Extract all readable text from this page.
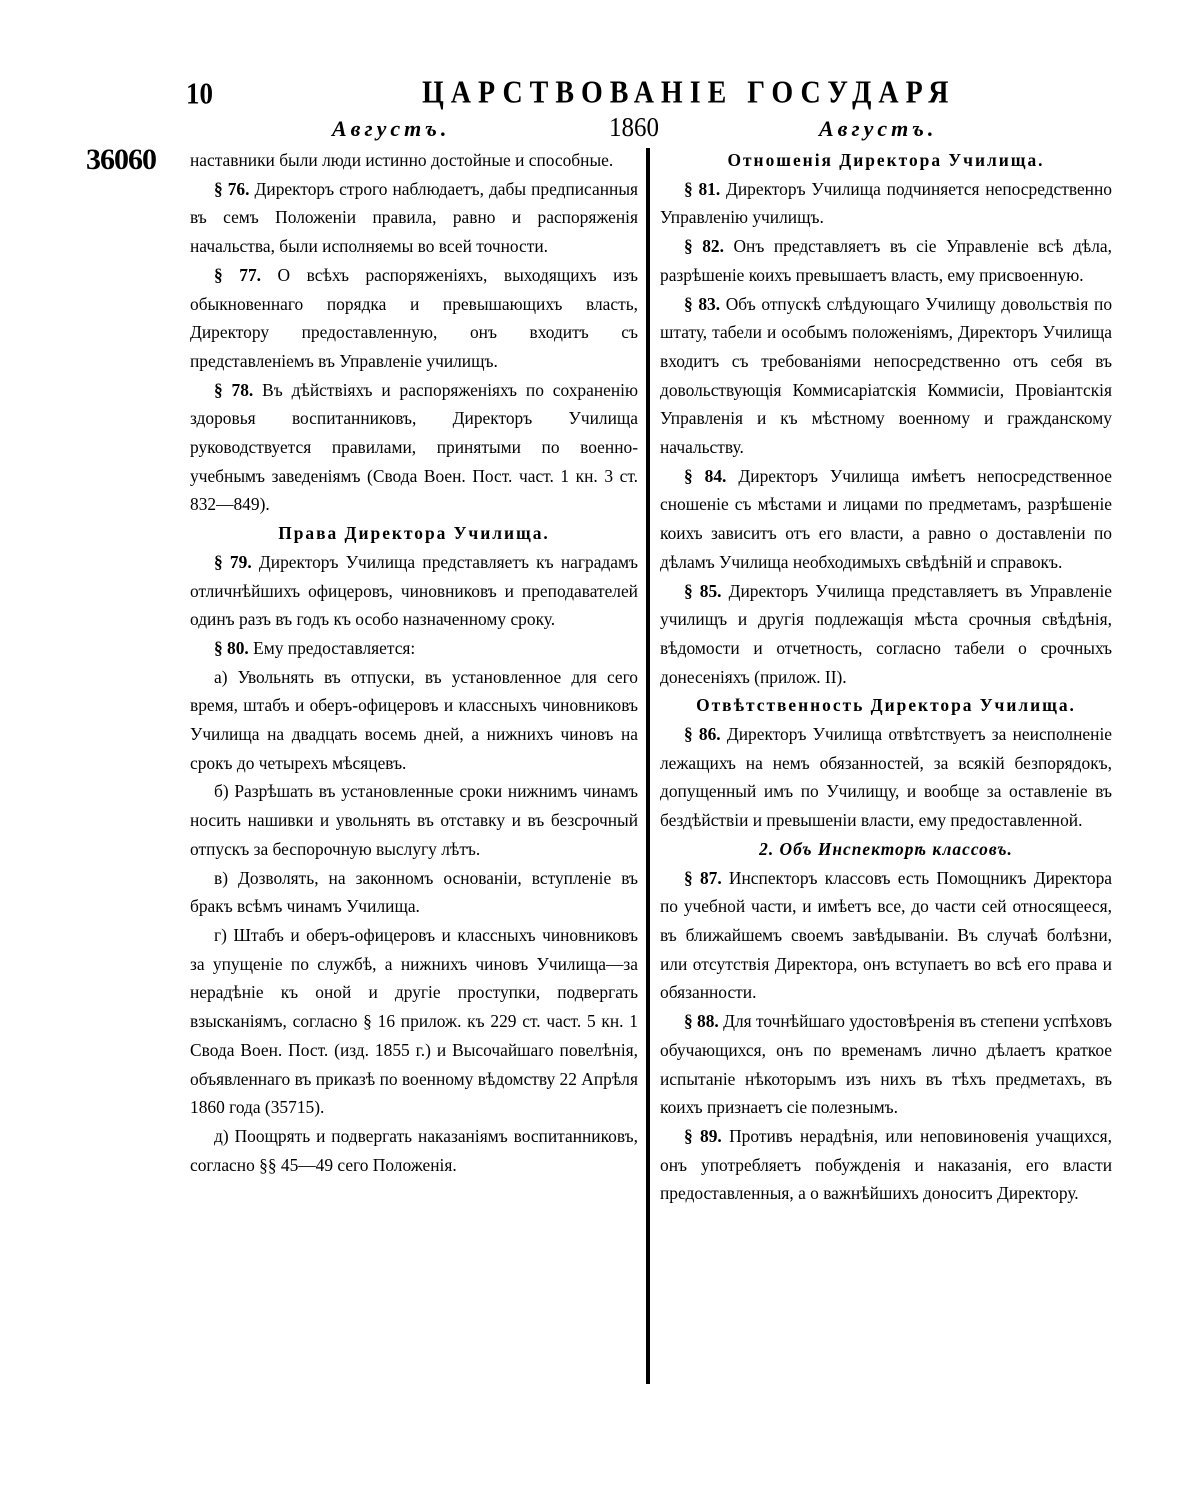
10	ЦАРСТВОВАНІЕ ГОСУДАРЯ
Августъ.	1860	Августъ.
36060 наставники были люди истинно достойные и способные.

§ 76. Директоръ строго наблюдаетъ, дабы предписанныя въ семъ Положеніи правила, равно и распоряженія начальства, были исполняемы во всей точности.

§ 77. О всѣхъ распоряженіяхъ, выходящихъ изъ обыкновеннаго порядка и превышающихъ власть, Директору предоставленную, онъ входитъ съ представленіемъ въ Управленіе училищъ.

§ 78. Въ дѣйствіяхъ и распоряженіяхъ по сохраненію здоровья воспитанниковъ, Директоръ Училища руководствуется правилами, принятыми по военно-учебнымъ заведеніямъ (Свода Воен. Пост. част. 1 кн. 3 ст. 832—849).

Права Директора Училища.

§ 79. Директоръ Училища представляетъ къ наградамъ отличнѣйшихъ офицеровъ, чиновниковъ и преподавателей одинъ разъ въ годъ къ особо назначенному сроку.

§ 80. Ему предоставляется:

а) Увольнять въ отпуски, въ установленное для сего время, штабъ и оберъ-офицеровъ и классныхъ чиновниковъ Училища на двадцать восемь дней, а нижнихъ чиновъ на срокъ до четырехъ мѣсяцевъ.

б) Разрѣшать въ установленные сроки нижнимъ чинамъ носить нашивки и увольнять въ отставку и въ безсрочный отпускъ за беспорочную выслугу лѣтъ.

в) Дозволять, на законномъ основаніи, вступленіе въ бракъ всѣмъ чинамъ Училища.

г) Штабъ и оберъ-офицеровъ и классныхъ чиновниковъ за упущеніе по службѣ, а нижнихъ чиновъ Училища—за нерадѣніе къ оной и другіе проступки, подвергать взысканіямъ, согласно § 16 прилож. къ 229 ст. част. 5 кн. 1 Свода Воен. Пост. (изд. 1855 г.) и Высочайшаго повелѣнія, объявленнаго въ приказѣ по военному вѣдомству 22 Апрѣля 1860 года (35715).

д) Поощрять и подвергать наказаніямъ воспитанниковъ, согласно §§ 45—49 сего Положенія.

Отношенія Директора Училища.

§ 81. Директоръ Училища подчиняется непосредственно Управленію училищъ.

§ 82. Онъ представляетъ въ сіе Управленіе всѣ дѣла, разрѣшеніе коихъ превышаетъ власть, ему присвоенную.

§ 83. Объ отпускѣ слѣдующаго Училищу довольствія по штату, табели и особымъ положеніямъ, Директоръ Училища входитъ съ требованіями непосредственно отъ себя въ довольствующія Коммисаріатскія Коммисіи, Провіантскія Управленія и къ мѣстному военному и гражданскому начальству.

§ 84. Директоръ Училища имѣетъ непосредственное сношеніе съ мѣстами и лицами по предметамъ, разрѣшеніе коихъ зависитъ отъ его власти, а равно о доставленіи по дѣламъ Училища необходимыхъ свѣдѣній и справокъ.

§ 85. Директоръ Училища представляетъ въ Управленіе училищъ и другія подлежащія мѣста срочныя свѣдѣнія, вѣдомости и отчетность, согласно табели о срочныхъ донесеніяхъ (прилож. II).

Отвѣтственность Директора Училища.

§ 86. Директоръ Училища отвѣтствуетъ за неисполненіе лежащихъ на немъ обязанностей, за всякій безпорядокъ, допущенный имъ по Училищу, и вообще за оставленіе въ бездѣйствіи и превышеніи власти, ему предоставленной.

2. Объ Инспекторѣ классовъ.

§ 87. Инспекторъ классовъ есть Помощникъ Директора по учебной части, и имѣетъ все, до части сей относящееся, въ ближайшемъ своемъ завѣдываніи. Въ случаѣ болѣзни, или отсутствія Директора, онъ вступаетъ во всѣ его права и обязанности.

§ 88. Для точнѣйшаго удостовѣренія въ степени успѣховъ обучающихся, онъ по временамъ лично дѣлаетъ краткое испытаніе нѣкоторымъ изъ нихъ въ тѣхъ предметахъ, въ коихъ признаетъ сіе полезнымъ.

§ 89. Противъ нерадѣнія, или неповиновенія учащихся, онъ употребляетъ побужденія и наказанія, его власти предоставленныя, а о важнѣйшихъ доноситъ Директору.
